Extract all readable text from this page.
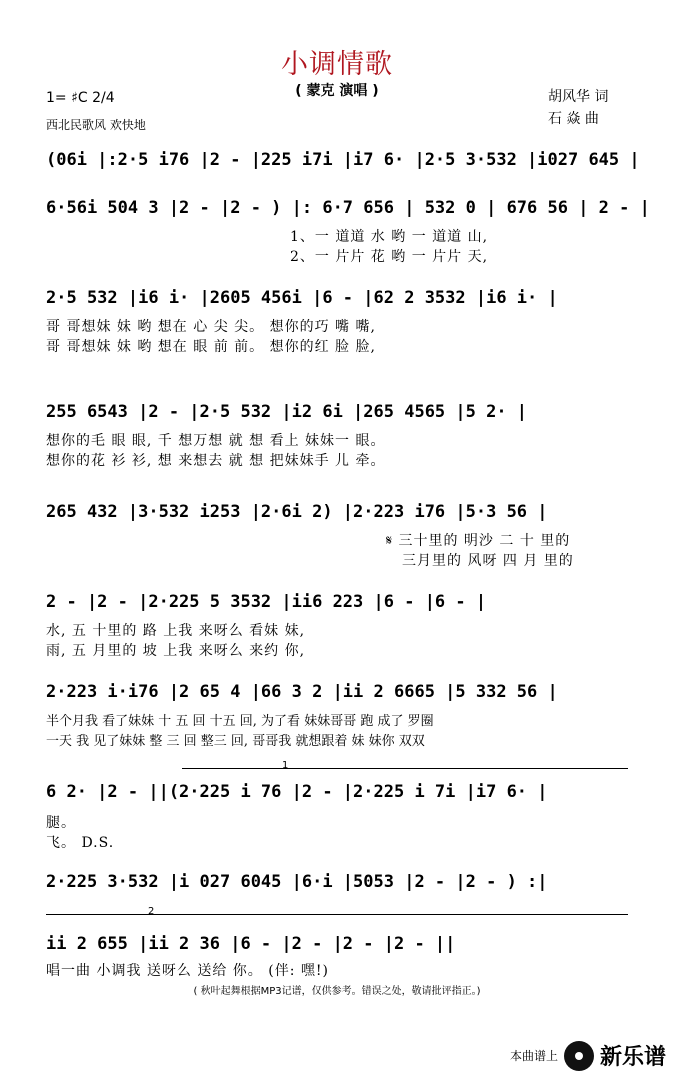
小调情歌
( 蒙克 演唱 )
1= ♯C 2/4
西北民歌风 欢快地
胡风华 词
石 焱 曲
(06i |:2·5 i76 |2 - |225 i7i |i7 6· |2·5 3·532 |i027 645 |
6·56i 504 3 |2 - |2 - ) |: 6·7 656 | 532 0 | 676 56 | 2 - |
1、一 道道 水 哟 一 道道 山,
2、一 片片 花 哟 一 片片 天,
2·5 532 |i6 i· |2605 456i |6 - |62 2 3532 |i6 i· |
哥 哥想妹 妹 哟 想在 心 尖 尖。 想你的巧 嘴 嘴,
哥 哥想妹 妹 哟 想在 眼 前 前。 想你的红 脸 脸,
255 6543 |2 - |2·5 532 |i2 6i |265 4565 |5 2· |
想你的毛 眼 眼, 千 想万想 就 想 看上 妹妹一 眼。
想你的花 衫 衫, 想 来想去 就 想 把妹妹手 儿 牵。
265 432 |3·532 i253 |2·6i 2) |2·223 i76 |5·3 56 |
𝄋 三十里的 明沙 二 十 里的
三月里的 风呀 四 月 里的
2 - |2 - |2·225 5 3532 |ii6 223 |6 - |6 - |
水, 五 十里的 路 上我 来呀么 看妹 妹,
雨, 五 月里的 坡 上我 来呀么 来约 你,
2·223 i·i76 |2 65 4 |66 3 2 |ii 2 6665 |5 332 56 |
半个月我 看了妹妹 十 五 回 十五 回, 为了看 妹妹哥哥 跑 成了 罗圈
一天 我 见了妹妹 整 三 回 整三 回, 哥哥我 就想跟着 妹 妹你 双双
1
6 2· |2 - ||(2·225 i 76 |2 - |2·225 i 7i |i7 6· |
腿。
飞。 D.S.
2·225 3·532 |i 027 6045 |6·i |5053 |2 - |2 - ) :|
2
ii 2 655 |ii 2 36 |6 - |2 - |2 - |2 - ||
唱一曲 小调我 送呀么 送给 你。 (伴: 嘿!)
( 秋叶起舞根据MP3记谱，仅供参考。错误之处，敬请批评指正。)
本曲谱上 新乐谱
